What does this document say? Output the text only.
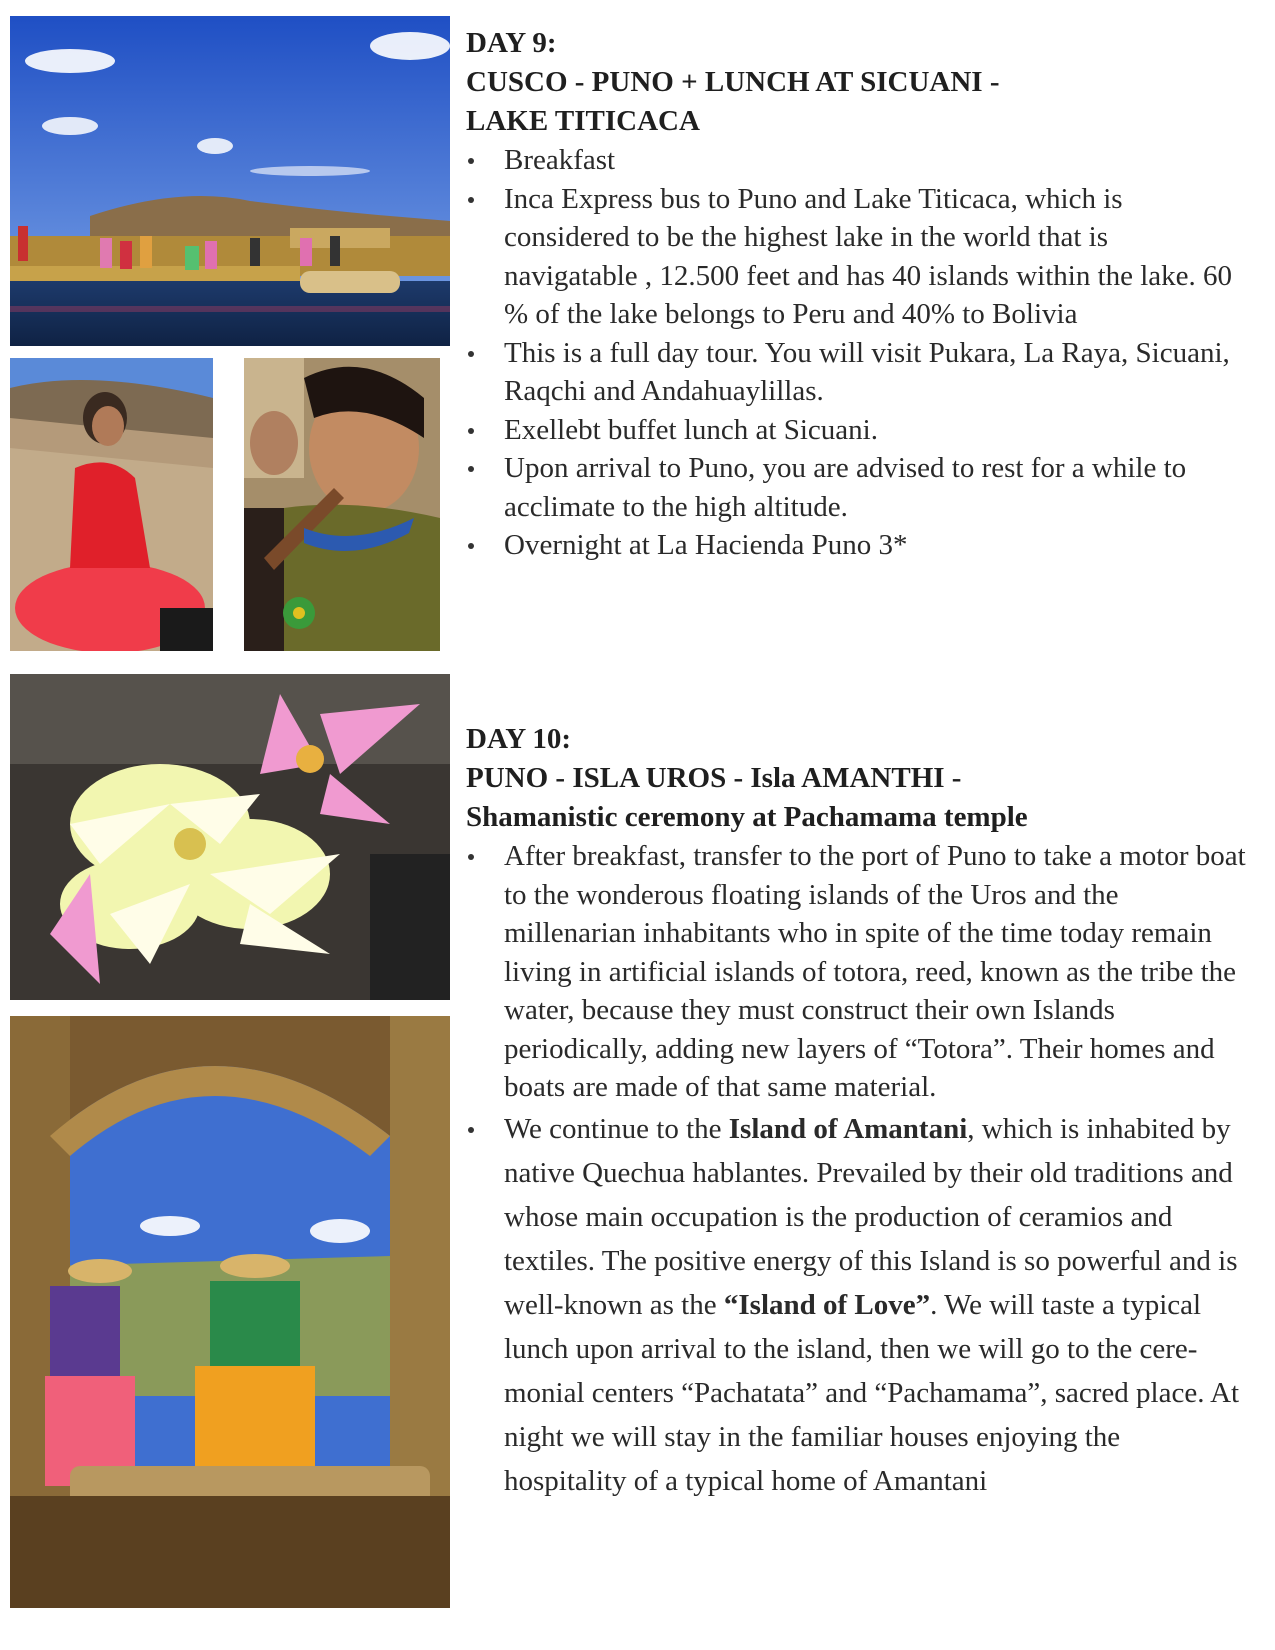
DAY 9:
CUSCO - PUNO + LUNCH AT SICUANI -
LAKE TITICACA
Breakfast
Inca Express bus to Puno and Lake Titicaca, which is considered to be the highest lake in the world that is navigatable , 12.500 feet and has 40 islands within the lake. 60 % of the lake belongs to Peru and 40% to Bolivia
This is a full day tour. You will visit Pukara, La Raya, Sicuani, Raqchi and Andahuaylillas.
Exellebt buffet lunch at Sicuani.
Upon arrival to Puno, you are advised to rest for a while to acclimate to the high altitude.
Overnight at La Hacienda Puno 3*
DAY 10:
PUNO - ISLA UROS - Isla AMANTHI -
Shamanistic ceremony at Pachamama temple
After breakfast, transfer to the port of Puno to take a motor boat to the wonderous floating islands of the Uros and the millenarian inhabitants who in spite of the time today remain living in artificial islands of totora, reed, known as the tribe the water, because they must construct their own Islands periodically, adding new layers of “Totora”. Their homes and boats are made of that same material.
We continue to the Island of Amantani, which is inhabited by native Quechua hablantes. Prevailed by their old traditions and whose main occupation is the production of ceramios and textiles. The positive energy of this Island is so powerful and is well-known as the “Island of Love”. We will taste a typical lunch upon arrival to the island, then we will go to the ceremonial centers “Pachatata” and “Pachamama”, sacred place. At night we will stay in the familiar houses enjoying the hospitality of a typical home of Amantani
